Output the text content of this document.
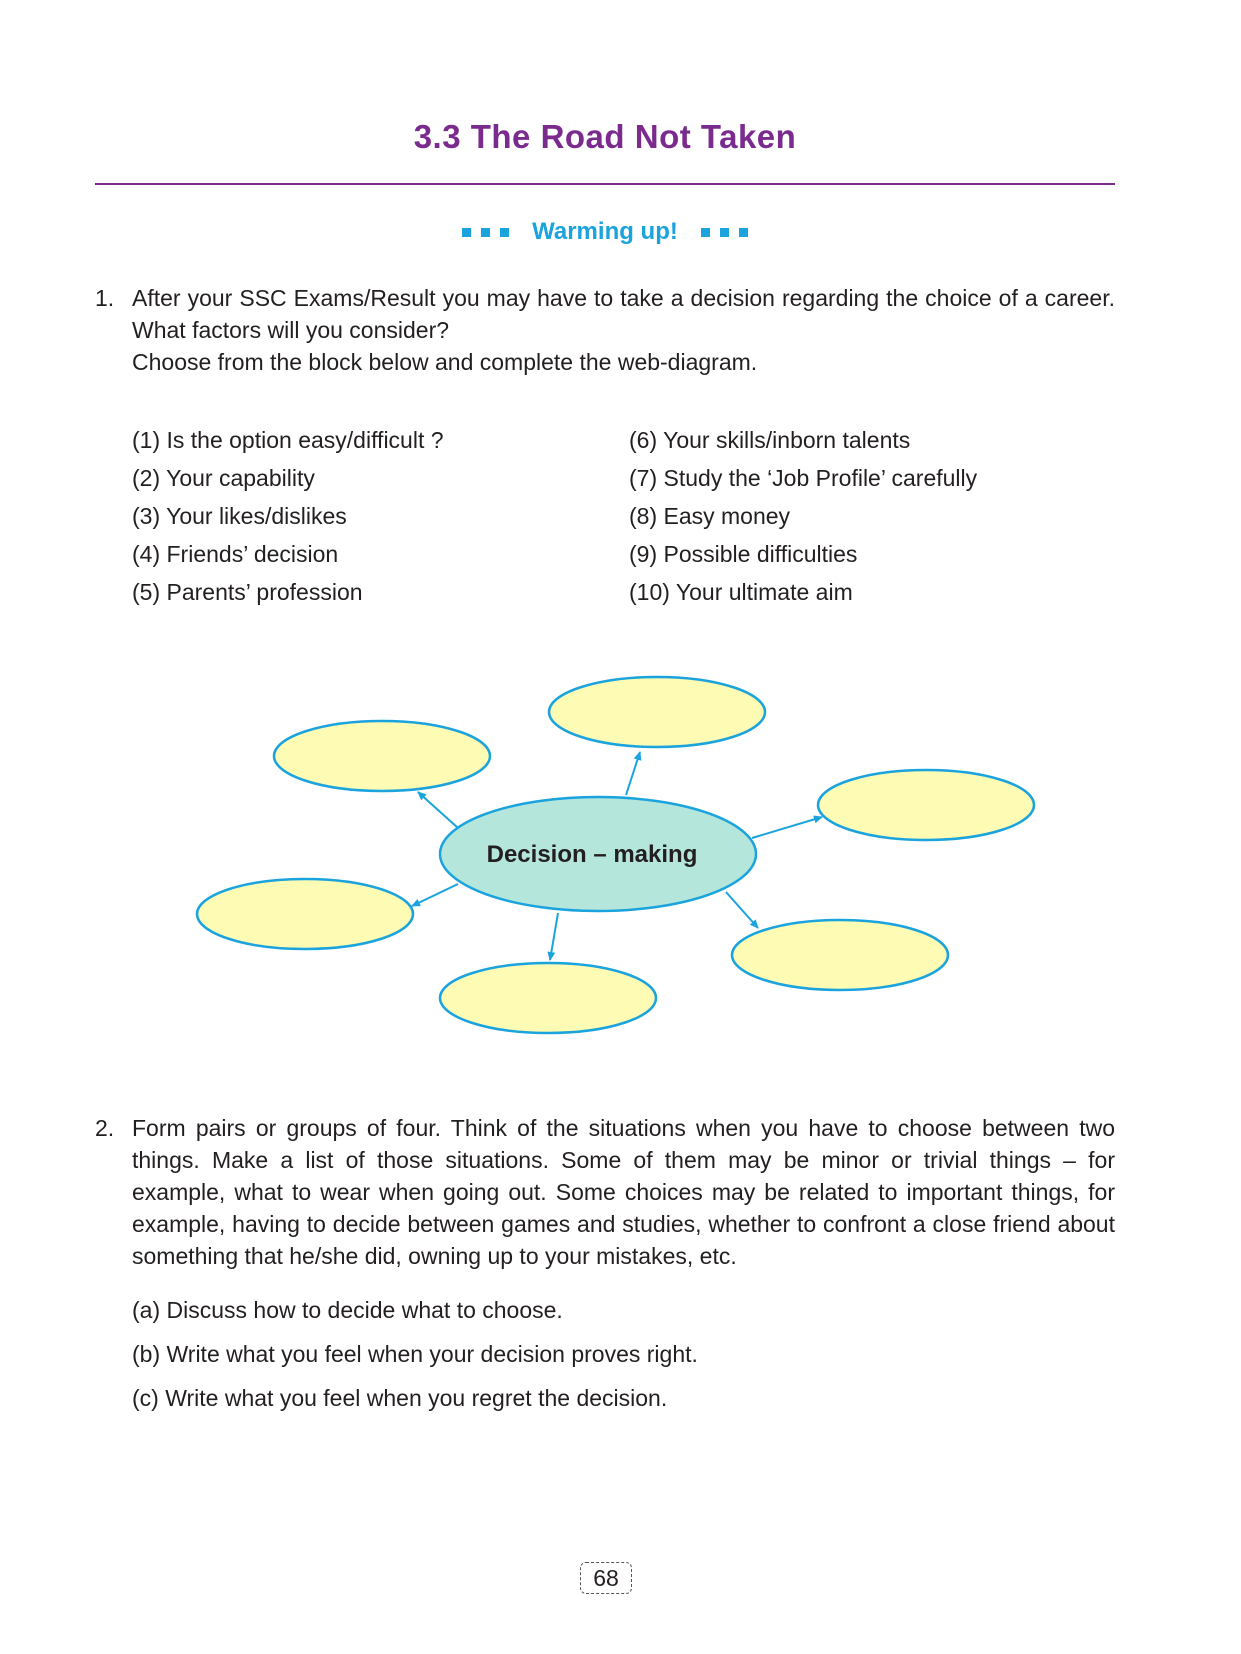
3.3 The Road Not Taken
Warming up!
1. After your SSC Exams/Result you may have to take a decision regarding the choice of a career. What factors will you consider?
Choose from the block below and complete the web-diagram.
(1) Is the option easy/difficult ?
(2) Your capability
(3) Your likes/dislikes
(4) Friends’ decision
(5) Parents’ profession
(6) Your skills/inborn talents
(7) Study the ‘Job Profile’ carefully
(8) Easy money
(9) Possible difficulties
(10) Your ultimate aim
Decision – making
2. Form pairs or groups of four. Think of the situations when you have to choose between two things. Make a list of those situations. Some of them may be minor or trivial things – for example, what to wear when going out. Some choices may be related to important things, for example, having to decide between games and studies, whether to confront a close friend about something that he/she did, owning up to your mistakes, etc.
(a) Discuss how to decide what to choose.
(b) Write what you feel when your decision proves right.
(c) Write what you feel when you regret the decision.
68
